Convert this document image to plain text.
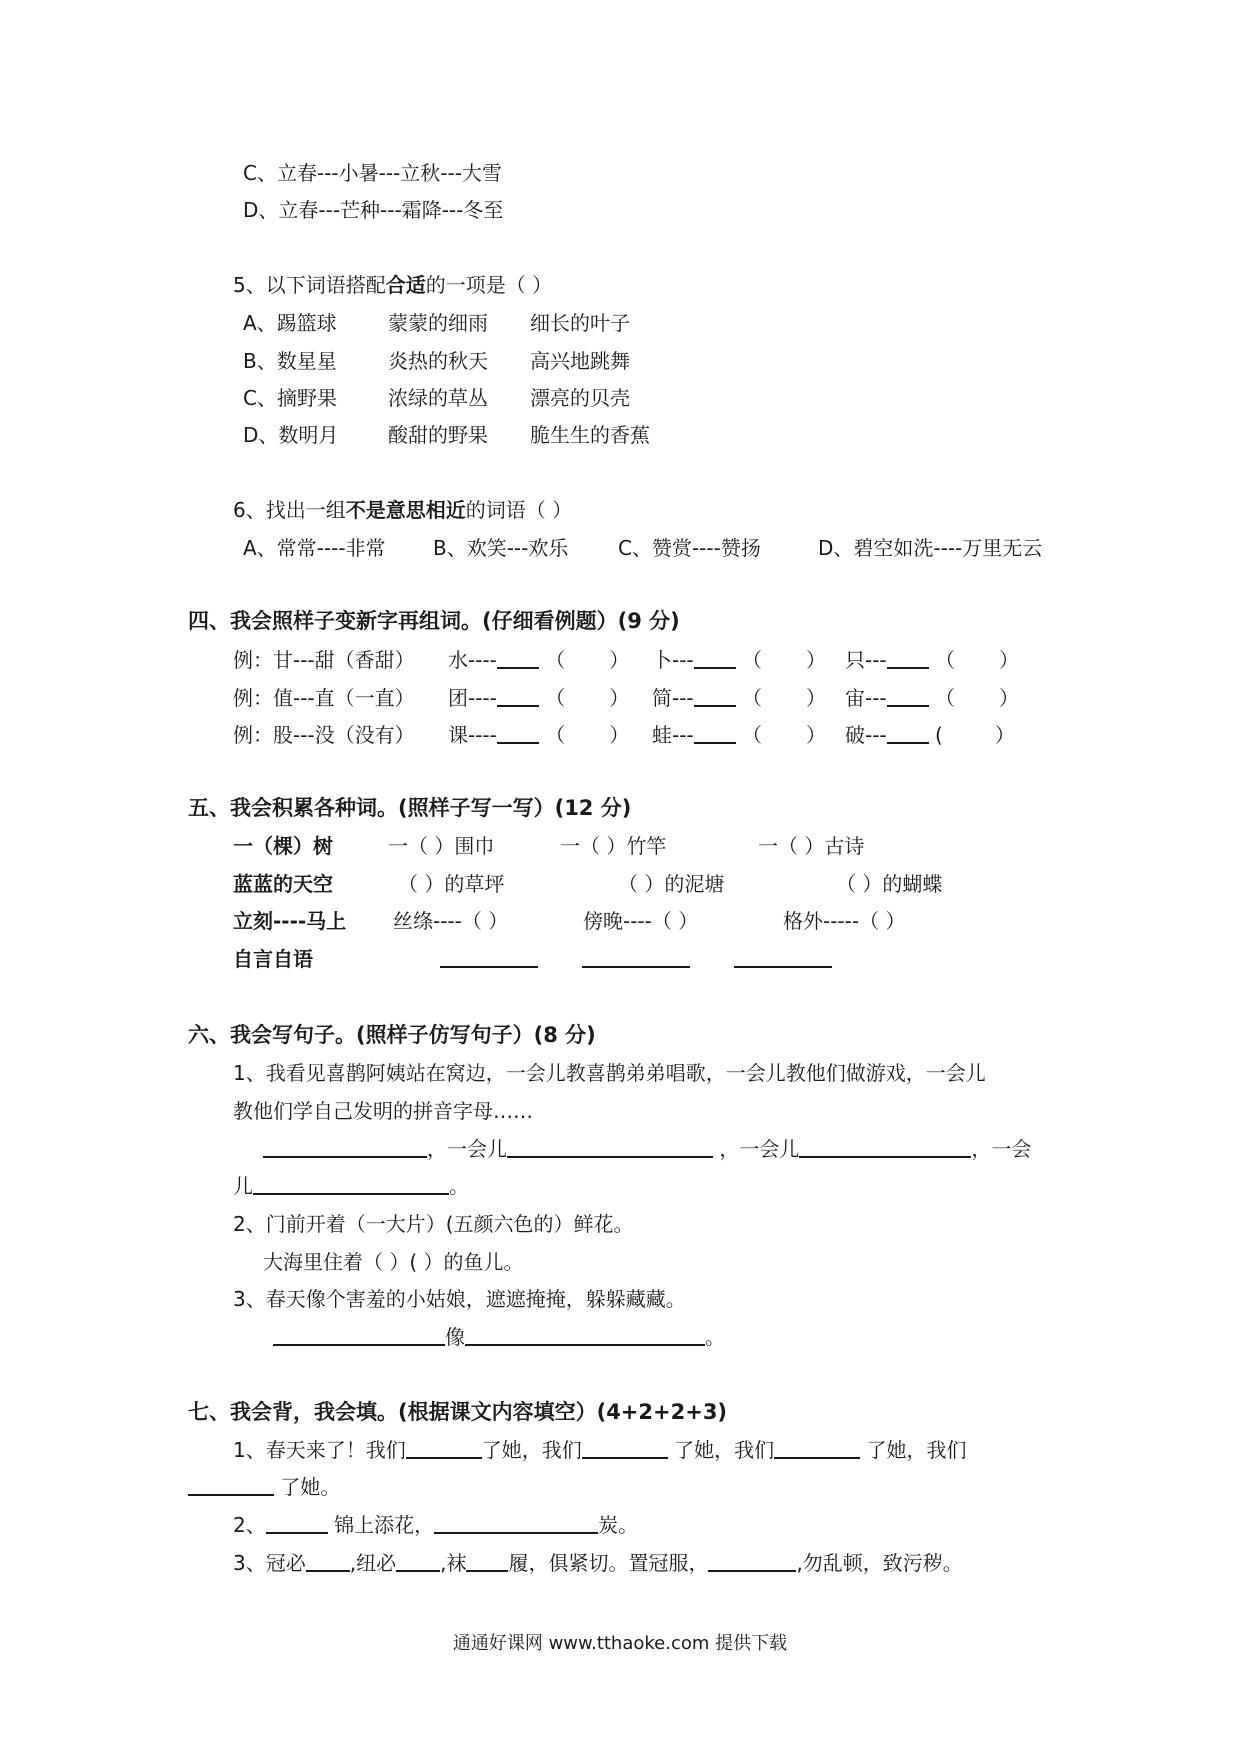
C、立春---小暑---立秋---大雪
D、立春---芒种---霜降---冬至
5、以下词语搭配合适的一项是（ ）
A、踢篮球	蒙蒙的细雨 细长的叶子
B、数星星	炎热的秋天 高兴地跳舞
C、摘野果	浓绿的草丛 漂亮的贝壳
D、数明月 酸甜的野果 脆生生的香蕉
6、找出一组不是意思相近的词语（ ）
A、常常----非常 B、欢笑---欢乐 C、赞赏----赞扬	D、碧空如洗----万里无云
四、我会照样子变新字再组词。(仔细看例题）(9 分)
例：甘---甜（香甜） 水---- （ ） 卜--- （ ） 只--- （ ）
例：值---直（一直） 团---- （ ） 简--- （ ） 宙--- （ ）
例：股---没（没有） 课---- （ ） 蛙--- （ ） 破--- (	）
五、我会积累各种词。(照样子写一写）(12 分)
一（棵）树	一（ ）围巾	一（ ）竹竿	一（ ）古诗
蓝蓝的天空	（ ）的草坪	（ ）的泥塘	（ ）的蝴蝶
立刻----马上 丝绦----（ ）	傍晚----（ ）	格外-----（ ）
自言自语
六、我会写句子。(照样子仿写句子）(8 分)
1、我看见喜鹊阿姨站在窝边，一会儿教喜鹊弟弟唱歌，一会儿教他们做游戏，一会儿
教他们学自己发明的拼音字母……
，一会儿	，一会儿	，一会
儿	。
2、门前开着（一大片）(五颜六色的）鲜花。
大海里住着（ ）( ）的鱼儿。
3、春天像个害羞的小姑娘，遮遮掩掩，躲躲藏藏。
像	。
七、我会背，我会填。(根据课文内容填空）(4+2+2+3)
1、春天来了！我们	了她，我们	了她，我们	了她，我们
了她。
2、	锦上添花，	炭。
3、冠必 ,纽必 ,袜 履，俱紧切。置冠服，	,勿乱顿，致污秽。
通通好课网 www.tthaoke.com 提供下载
